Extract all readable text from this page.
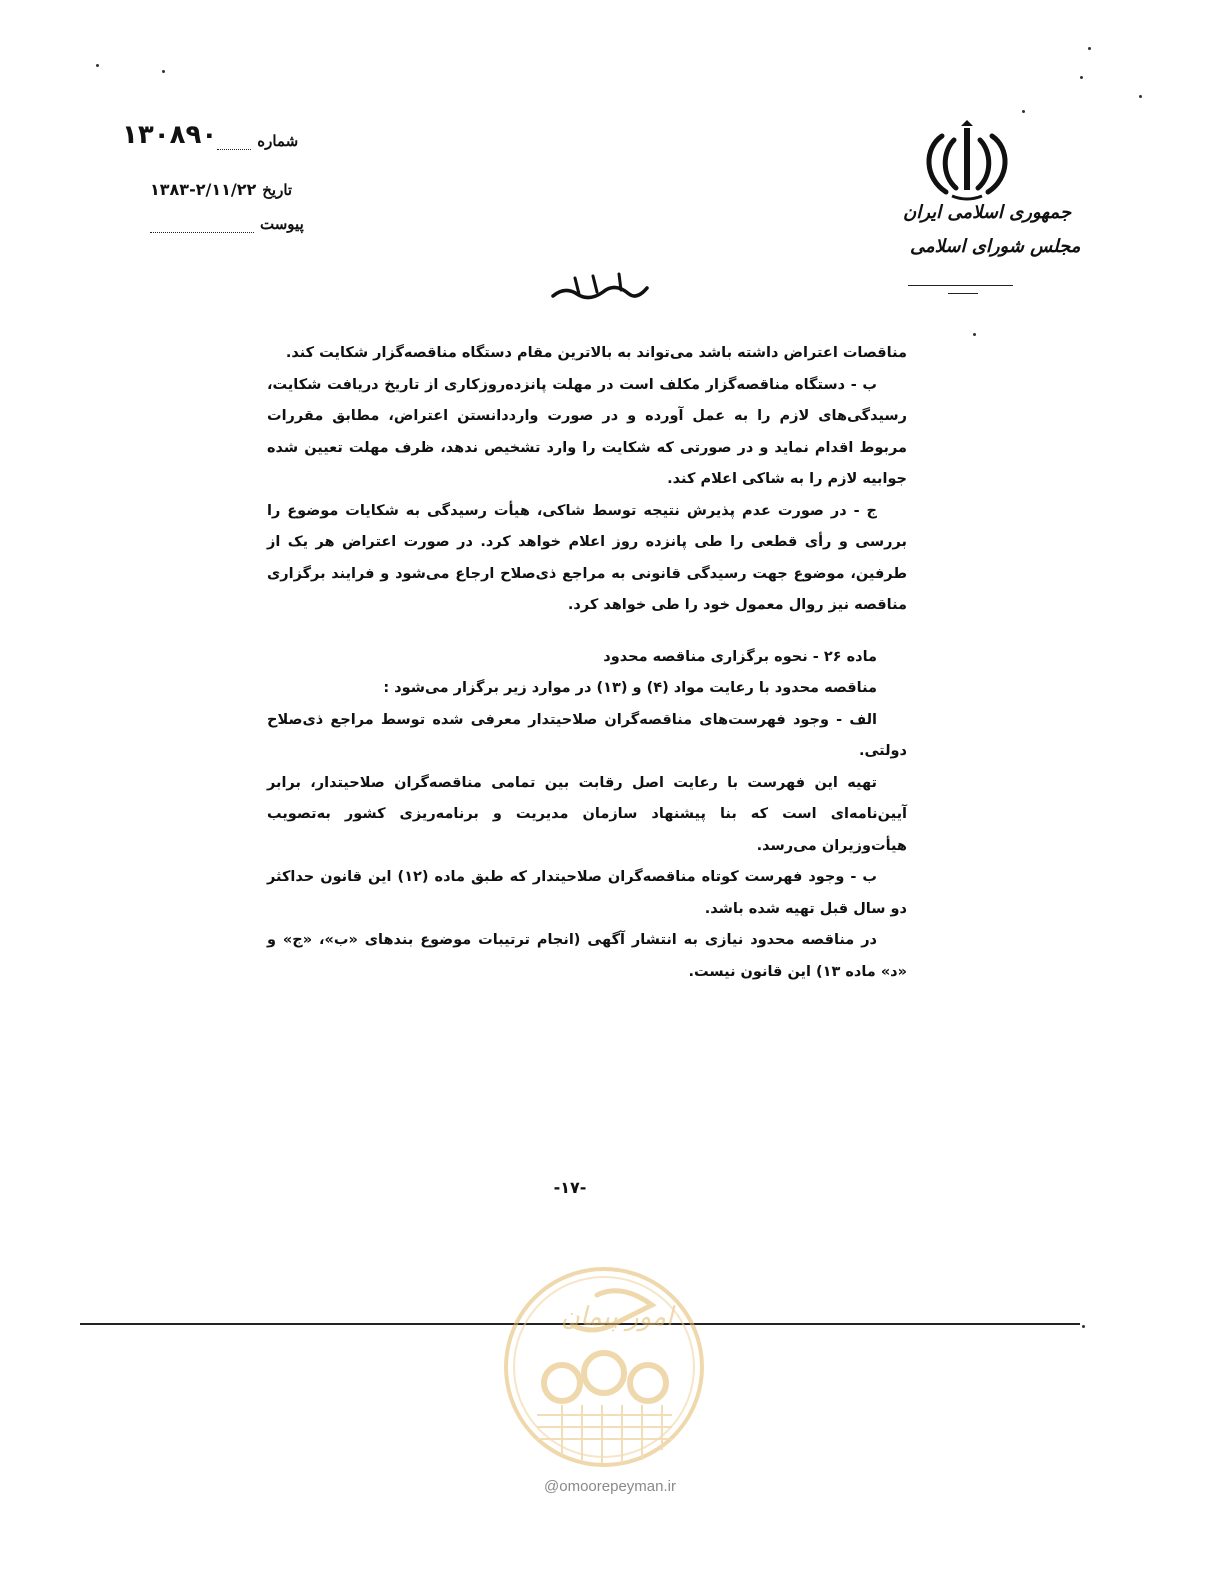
شماره
۱۳۰۸۹۰
تاریخ
۱۳۸۳-۲/۱۱/۲۲
پیوست
جمهوری اسلامی ایران
مجلس شورای اسلامی
بسمه تعالی

مناقصات اعتراض داشته باشد می‌تواند به بالاترین مقام دستگاه مناقصه‌گزار شکایت کند.

ب - دستگاه مناقصه‌گزار مکلف است در مهلت پانزده‌روزکاری از تاریخ دریافت شکایت، رسیدگی‌های لازم را به عمل آورده و در صورت وارددانستن اعتراض، مطابق مقررات مربوط اقدام نماید و در صورتی که شکایت را وارد تشخیص ندهد، ظرف مهلت تعیین شده جوابیه لازم را به شاکی اعلام کند.

ج - در صورت عدم پذیرش نتیجه توسط شاکی، هیأت رسیدگی به شکایات موضوع را بررسی و رأی قطعی را طی پانزده روز اعلام خواهد کرد. در صورت اعتراض هر یک از طرفین، موضوع جهت رسیدگی قانونی به مراجع ذی‌صلاح ارجاع می‌شود و فرایند برگزاری مناقصه نیز روال معمول خود را طی خواهد کرد.

ماده ۲۶ - نحوه برگزاری مناقصه محدود

مناقصه محدود با رعایت مواد (۴) و (۱۳) در موارد زیر برگزار می‌شود :

الف - وجود فهرست‌های مناقصه‌گران صلاحیتدار معرفی شده توسط مراجع ذی‌صلاح دولتی.

تهیه این فهرست با رعایت اصل رقابت بین تمامی مناقصه‌گران صلاحیتدار، برابر آیین‌نامه‌ای است که بنا پیشنهاد سازمان مدیریت و برنامه‌ریزی کشور به‌تصویب هیأت‌وزیران می‌رسد.

ب - وجود فهرست کوتاه مناقصه‌گران صلاحیتدار که طبق ماده (۱۲) این قانون حداکثر دو سال قبل تهیه شده باشد.

در مناقصه محدود نیازی به انتشار آگهی (انجام ترتیبات موضوع بندهای «ب»، «ج» و «د» ماده ۱۳) این قانون نیست.

-۱۷-
امور پیمان
@omoorepeyman.ir
